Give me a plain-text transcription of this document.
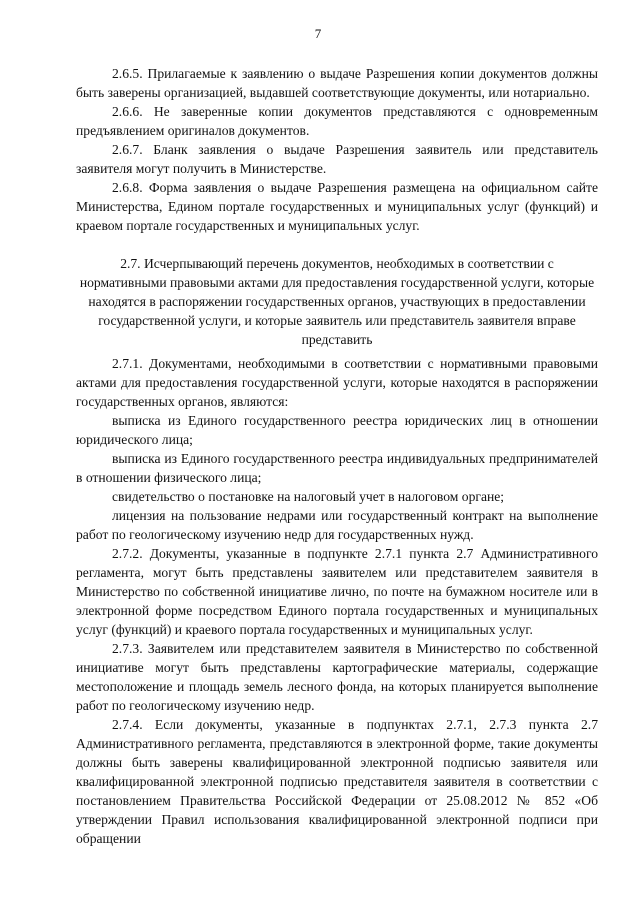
7

2.6.5. Прилагаемые к заявлению о выдаче Разрешения копии документов должны быть заверены организацией, выдавшей соответствующие документы, или нотариально.

2.6.6. Не заверенные копии документов представляются с одновременным предъявлением оригиналов документов.

2.6.7. Бланк заявления о выдаче Разрешения заявитель или представитель заявителя могут получить в Министерстве.

2.6.8. Форма заявления о выдаче Разрешения размещена на официальном сайте Министерства, Едином портале государственных и муниципальных услуг (функций) и краевом портале государственных и муниципальных услуг.

2.7. Исчерпывающий перечень документов, необходимых в соответствии с нормативными правовыми актами для предоставления государственной услуги, которые находятся в распоряжении государственных органов, участвующих в предоставлении государственной услуги, и которые заявитель или представитель заявителя вправе представить

2.7.1. Документами, необходимыми в соответствии с нормативными правовыми актами для предоставления государственной услуги, которые находятся в распоряжении государственных органов, являются:

выписка из Единого государственного реестра юридических лиц в отношении юридического лица;

выписка из Единого государственного реестра индивидуальных предпринимателей в отношении физического лица;

свидетельство о постановке на налоговый учет в налоговом органе;

лицензия на пользование недрами или государственный контракт на выполнение работ по геологическому изучению недр для государственных нужд.

2.7.2. Документы, указанные в подпункте 2.7.1 пункта 2.7 Административного регламента, могут быть представлены заявителем или представителем заявителя в Министерство по собственной инициативе лично, по почте на бумажном носителе или в электронной форме посредством Единого портала государственных и муниципальных услуг (функций) и краевого портала государственных и муниципальных услуг.

2.7.3. Заявителем или представителем заявителя в Министерство по собственной инициативе могут быть представлены картографические материалы, содержащие местоположение и площадь земель лесного фонда, на которых планируется выполнение работ по геологическому изучению недр.

2.7.4. Если документы, указанные в подпунктах 2.7.1, 2.7.3 пункта 2.7 Административного регламента, представляются в электронной форме, такие документы должны быть заверены квалифицированной электронной подписью заявителя или квалифицированной электронной подписью представителя заявителя в соответствии с постановлением Правительства Российской Федерации от 25.08.2012 № 852 «Об утверждении Правил использования квалифицированной электронной подписи при обращении
